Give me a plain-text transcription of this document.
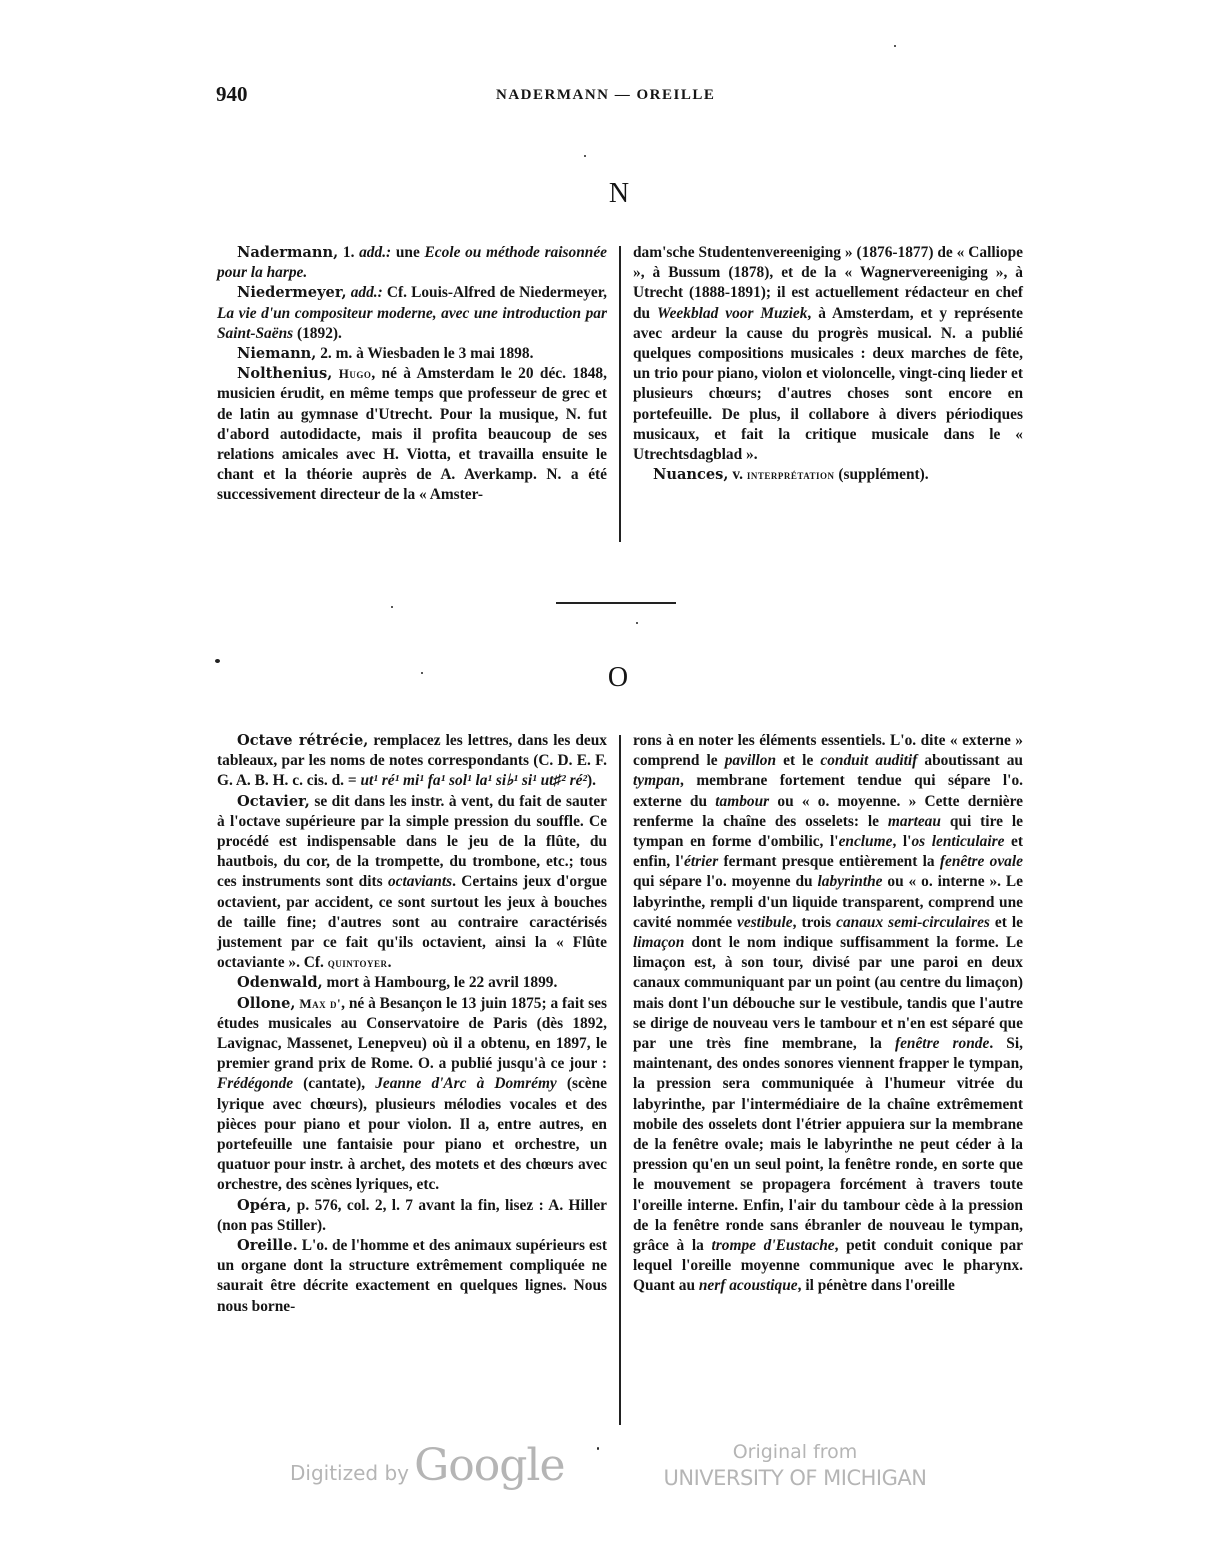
940	NADERMANN — OREILLE
N

Nadermann, 1. add.: une Ecole ou méthode raisonnée pour la harpe.

Niedermeyer, add.: Cf. Louis-Alfred de Niedermeyer, La vie d'un compositeur moderne, avec une introduction par Saint-Saëns (1892).

Niemann, 2. m. à Wiesbaden le 3 mai 1898.

Nolthenius, Hugo, né à Amsterdam le 20 déc. 1848, musicien érudit, en même temps que professeur de grec et de latin au gymnase d'Utrecht. Pour la musique, N. fut d'abord autodidacte, mais il profita beaucoup de ses relations amicales avec H. Viotta, et travailla ensuite le chant et la théorie auprès de A. Averkamp. N. a été successivement directeur de la « Amster-

dam'sche Studentenvereeniging » (1876-1877) de « Calliope », à Bussum (1878), et de la « Wagnervereeniging », à Utrecht (1888-1891); il est actuellement rédacteur en chef du Weekblad voor Muziek, à Amsterdam, et y représente avec ardeur la cause du progrès musical. N. a publié quelques compositions musicales : deux marches de fête, un trio pour piano, violon et violoncelle, vingt-cinq lieder et plusieurs chœurs; d'autres choses sont encore en portefeuille. De plus, il collabore à divers périodiques musicaux, et fait la critique musicale dans le « Utrechtsdagblad ».

Nuances, v. interprétation (supplément).

O

Octave rétrécie, remplacez les lettres, dans les deux tableaux, par les noms de notes correspondants (C. D. E. F. G. A. B. H. c. cis. d. = ut¹ ré¹ mi¹ fa¹ sol¹ la¹ si♭¹ si¹ ut♯² ré²).

Octavier, se dit dans les instr. à vent, du fait de sauter à l'octave supérieure par la simple pression du souffle. Ce procédé est indispensable dans le jeu de la flûte, du hautbois, du cor, de la trompette, du trombone, etc.; tous ces instruments sont dits octaviants. Certains jeux d'orgue octavient, par accident, ce sont surtout les jeux à bouches de taille fine; d'autres sont au contraire caractérisés justement par ce fait qu'ils octavient, ainsi la « Flûte octaviante ». Cf. quintoyer.

Odenwald, mort à Hambourg, le 22 avril 1899.

Ollone, Max d', né à Besançon le 13 juin 1875; a fait ses études musicales au Conservatoire de Paris (dès 1892, Lavignac, Massenet, Lenepveu) où il a obtenu, en 1897, le premier grand prix de Rome. O. a publié jusqu'à ce jour : Frédégonde (cantate), Jeanne d'Arc à Domrémy (scène lyrique avec chœurs), plusieurs mélodies vocales et des pièces pour piano et pour violon. Il a, entre autres, en portefeuille une fantaisie pour piano et orchestre, un quatuor pour instr. à archet, des motets et des chœurs avec orchestre, des scènes lyriques, etc.

Opéra, p. 576, col. 2, l. 7 avant la fin, lisez : A. Hiller (non pas Stiller).

Oreille. L'o. de l'homme et des animaux supérieurs est un organe dont la structure extrêmement compliquée ne saurait être décrite exactement en quelques lignes. Nous nous borne-

rons à en noter les éléments essentiels. L'o. dite « externe » comprend le pavillon et le conduit auditif aboutissant au tympan, membrane fortement tendue qui sépare l'o. externe du tambour ou « o. moyenne. » Cette dernière renferme la chaîne des osselets: le marteau qui tire le tympan en forme d'ombilic, l'enclume, l'os lenticulaire et enfin, l'étrier fermant presque entièrement la fenêtre ovale qui sépare l'o. moyenne du labyrinthe ou « o. interne ». Le labyrinthe, rempli d'un liquide transparent, comprend une cavité nommée vestibule, trois canaux semi-circulaires et le limaçon dont le nom indique suffisamment la forme. Le limaçon est, à son tour, divisé par une paroi en deux canaux communiquant par un point (au centre du limaçon) mais dont l'un débouche sur le vestibule, tandis que l'autre se dirige de nouveau vers le tambour et n'en est séparé que par une très fine membrane, la fenêtre ronde. Si, maintenant, des ondes sonores viennent frapper le tympan, la pression sera communiquée à l'humeur vitrée du labyrinthe, par l'intermédiaire de la chaîne extrêmement mobile des osselets dont l'étrier appuiera sur la membrane de la fenêtre ovale; mais le labyrinthe ne peut céder à la pression qu'en un seul point, la fenêtre ronde, en sorte que le mouvement se propagera forcément à travers toute l'oreille interne. Enfin, l'air du tambour cède à la pression de la fenêtre ronde sans ébranler de nouveau le tympan, grâce à la trompe d'Eustache, petit conduit conique par lequel l'oreille moyenne communique avec le pharynx. Quant au nerf acoustique, il pénètre dans l'oreille

Digitized by Google	Original from
UNIVERSITY OF MICHIGAN
